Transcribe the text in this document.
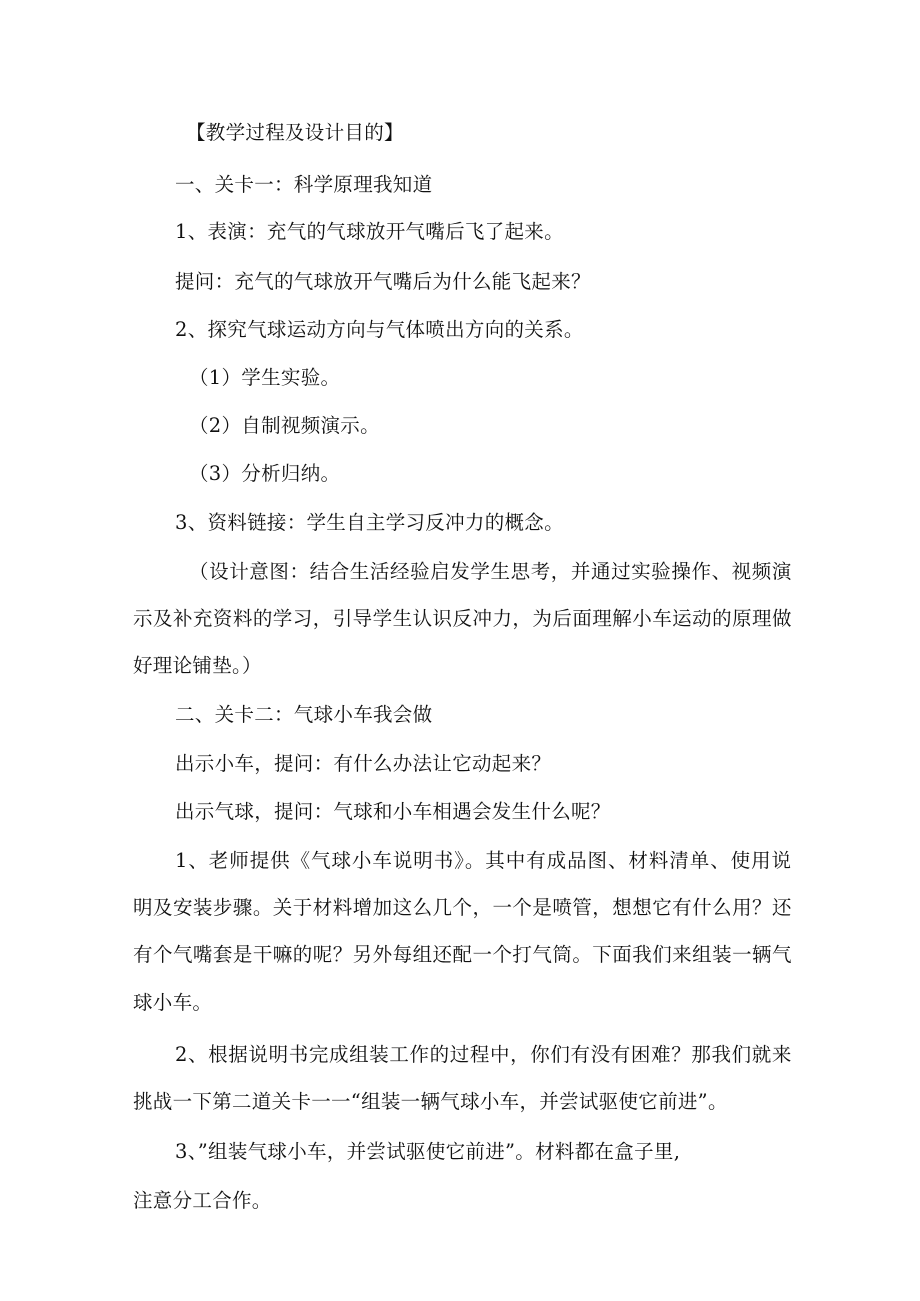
【教学过程及设计目的】
一、关卡一：科学原理我知道
1、表演：充气的气球放开气嘴后飞了起来。
提问：充气的气球放开气嘴后为什么能飞起来？
2、探究气球运动方向与气体喷出方向的关系。
（1）学生实验。
（2）自制视频演示。
（3）分析归纳。
3、资料链接：学生自主学习反冲力的概念。
（设计意图：结合生活经验启发学生思考，并通过实验操作、视频演
示及补充资料的学习，引导学生认识反冲力，为后面理解小车运动的原理做
好理论铺垫。）
二、关卡二：气球小车我会做
出示小车，提问：有什么办法让它动起来？
出示气球，提问：气球和小车相遇会发生什么呢？
1、老师提供《气球小车说明书》。其中有成品图、材料清单、使用说
明及安装步骤。关于材料增加这么几个，一个是喷管，想想它有什么用？还
有个气嘴套是干嘛的呢？另外每组还配一个打气筒。下面我们来组装一辆气
球小车。
2、根据说明书完成组装工作的过程中，你们有没有困难？那我们就来
挑战一下第二道关卡一一“组装一辆气球小车，并尝试驱使它前进”。
3、”组装气球小车，并尝试驱使它前进”。材料都在盒子里,
注意分工合作。
